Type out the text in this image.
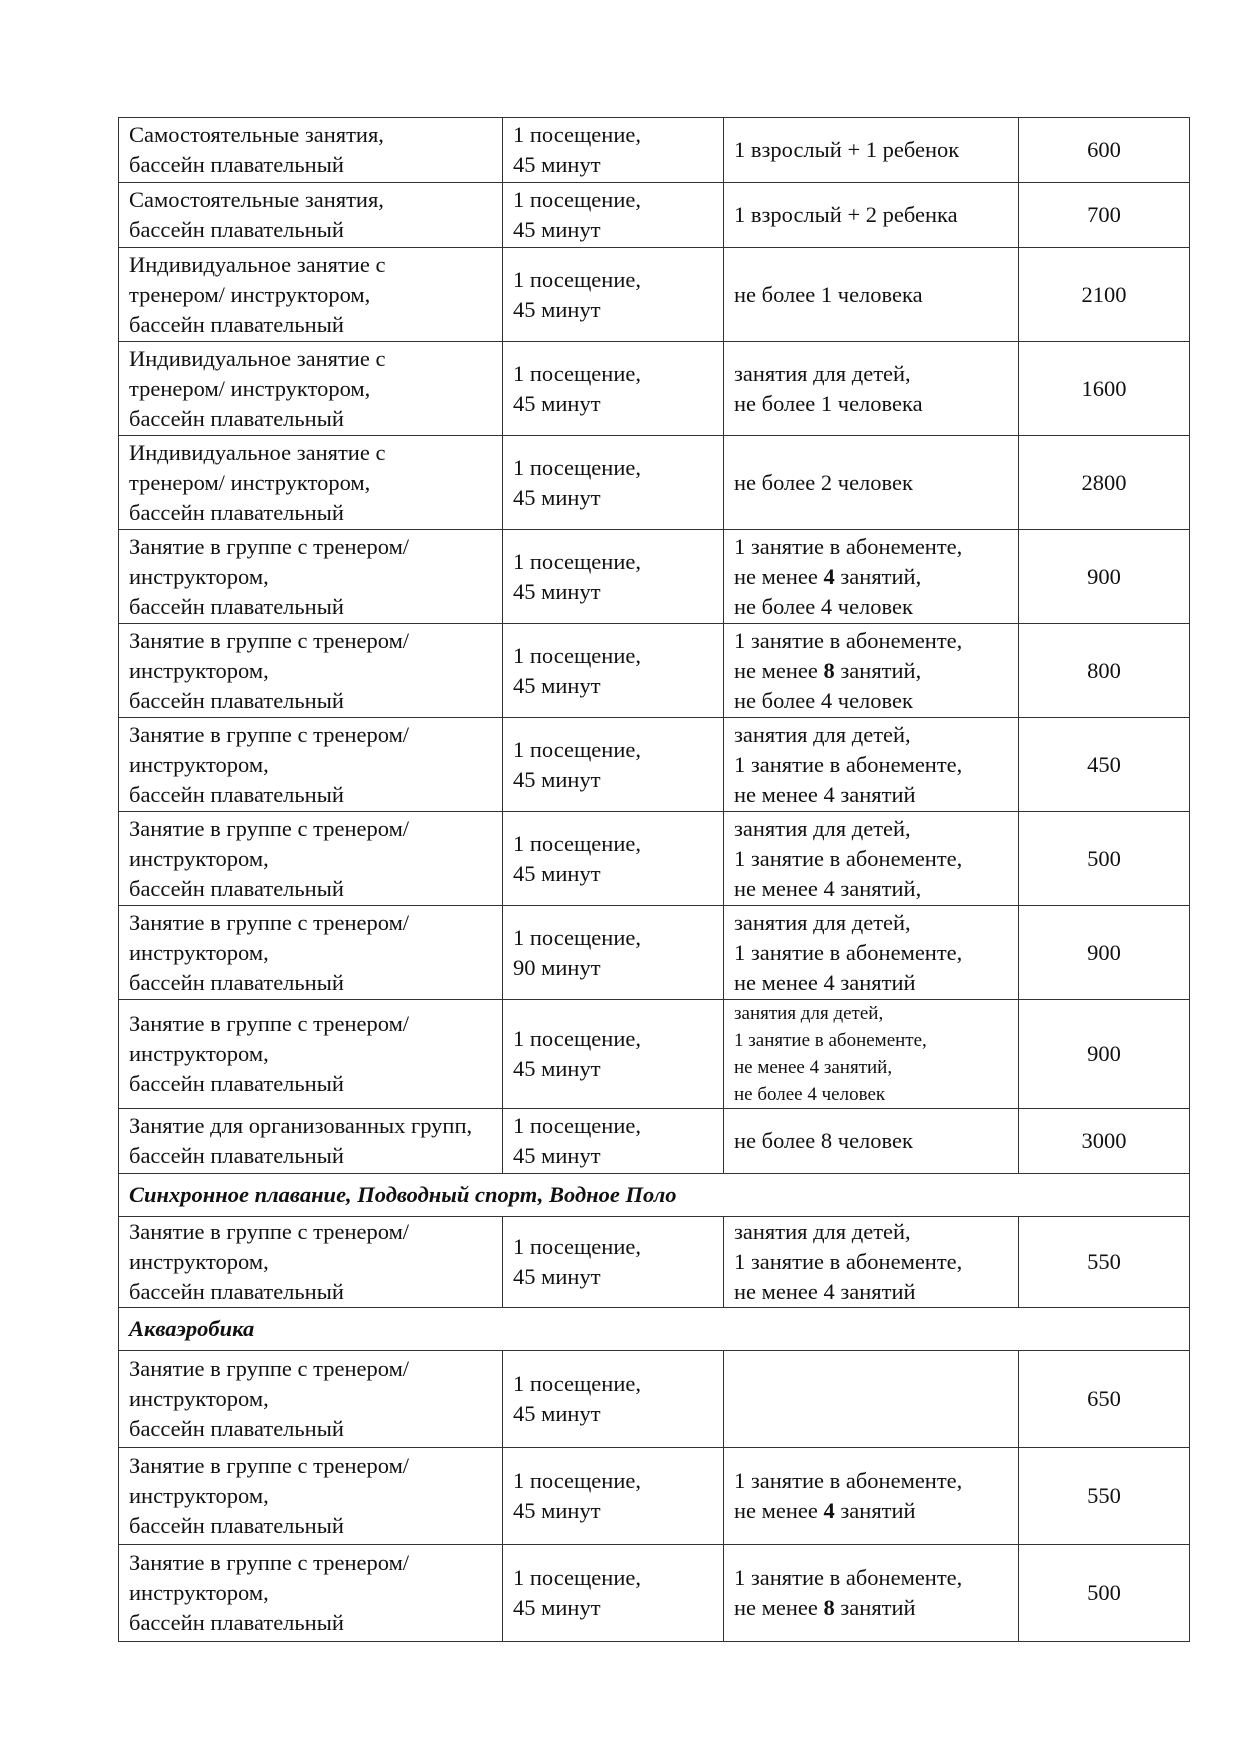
Самостоятельные занятия,
бассейн плавательный	1 посещение,
45 минут	1 взрослый + 1 ребенок	600

Самостоятельные занятия,
бассейн плавательный	1 посещение,
45 минут	1 взрослый + 2 ребенка	700

Индивидуальное занятие с
тренером/ инструктором,
бассейн плавательный	1 посещение,
45 минут	не более 1 человека	2100

Индивидуальное занятие с
тренером/ инструктором,
бассейн плавательный	1 посещение,
45 минут	занятия для детей,
не более 1 человека	1600

Индивидуальное занятие с
тренером/ инструктором,
бассейн плавательный	1 посещение,
45 минут	не более 2 человек	2800

Занятие в группе с тренером/
инструктором,
бассейн плавательный	1 посещение,
45 минут	1 занятие в абонементе,
не менее 4 занятий,
не более 4 человек	900

Занятие в группе с тренером/
инструктором,
бассейн плавательный	1 посещение,
45 минут	1 занятие в абонементе,
не менее 8 занятий,
не более 4 человек	800

Занятие в группе с тренером/
инструктором,
бассейн плавательный	1 посещение,
45 минут	занятия для детей,
1 занятие в абонементе,
не менее 4 занятий	450

Занятие в группе с тренером/
инструктором,
бассейн плавательный	1 посещение,
45 минут	занятия для детей,
1 занятие в абонементе,
не менее 4 занятий,	500

Занятие в группе с тренером/
инструктором,
бассейн плавательный	1 посещение,
90 минут	занятия для детей,
1 занятие в абонементе,
не менее 4 занятий	900

Занятие в группе с тренером/
инструктором,
бассейн плавательный	1 посещение,
45 минут	занятия для детей,
1 занятие в абонементе,
не менее 4 занятий,
не более 4 человек	900

Занятие для организованных групп,
бассейн плавательный	1 посещение,
45 минут	не более 8 человек	3000
Синхронное плавание, Подводный спорт, Водное Поло			

Занятие в группе с тренером/
инструктором,
бассейн плавательный	1 посещение,
45 минут	занятия для детей,
1 занятие в абонементе,
не менее 4 занятий	550
Акваэробика			

Занятие в группе с тренером/
инструктором,
бассейн плавательный	1 посещение,
45 минут		650

Занятие в группе с тренером/
инструктором,
бассейн плавательный	1 посещение,
45 минут	1 занятие в абонементе,
не менее 4 занятий	550

Занятие в группе с тренером/
инструктором,
бассейн плавательный	1 посещение,
45 минут	1 занятие в абонементе,
не менее 8 занятий	500
